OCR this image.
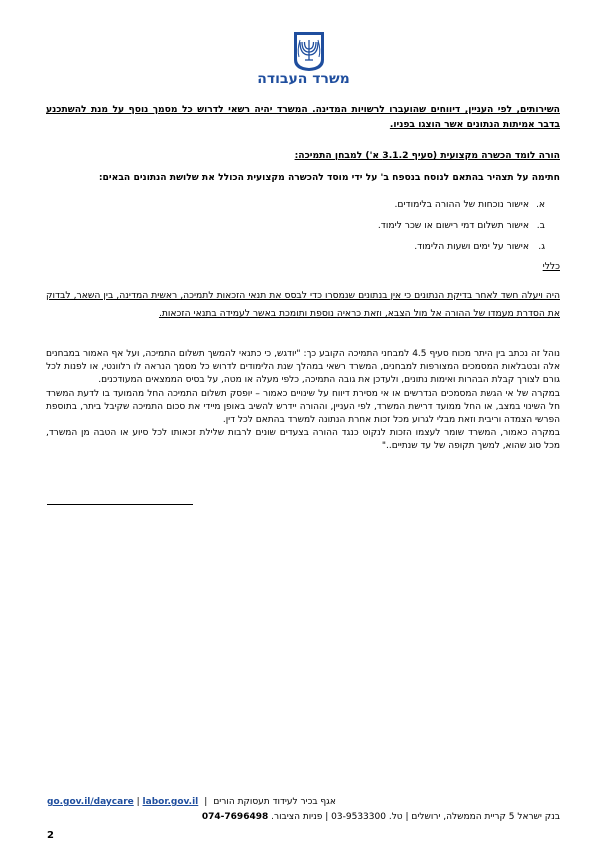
משרד העבודה
השירותים, לפי העניין, דיווחים שהועברו לרשויות המדינה. המשרד יהיה רשאי לדרוש כל מסמך נוסף על מנת להשתכנע בדבר אמיתות הנתונים אשר הוצגו בפניו.
הורה לומד הכשרה מקצועית (סעיף 3.1.2 א') למבחן התמיכה:
חתימה על תצהיר בהתאם לנוסח בנספח ב' על ידי מוסד להכשרה מקצועית הכולל את שלושת הנתונים הבאים:
א.
אישור נוכחות של ההורה בלימודים.
ב.
אישור תשלום דמי רישום או שכר לימוד.
ג.
אישור על ימים ושעות הלימוד.
כללי
היה ויעלה חשד לאחר בדיקת הנתונים כי אין בנתונים שנמסרו כדי לבסס את תנאי הזכאות לתמיכה, ראשית המדינה, בין השאר, לבדוק את הסדרת מעמדו של ההורה אל מול הצבא, וזאת כראיה נוספת ותומכת באשר לעמידה בתנאי הזכאות.
נוהל זה נכתב בין היתר מכוח סעיף 4.5 למבחני התמיכה הקובע כך: "יודגש, כי כתנאי להמשך תשלום התמיכה, ועל אף האמור במבחנים אלה ובטבלאות המסמכים המצורפות למבחנים, המשרד רשאי במהלך שנת הלימודים לדרוש כל מסמך הנראה לו רלוונטי, או לפנות לכל גורם לצורך קבלת הבהרות ואימות נתונים, ולעדכן את גובה התמיכה, כלפי מעלה או מטה, על בסיס הממצאים המעודכנים.
במקרה של אי הגשת המסמכים הנדרשים או אי מסירת דיווח על שינויים כאמור – יופסק תשלום התמיכה החל מהמועד בו לדעת המשרד חל השינוי במצב, או החל ממועד דרישת המשרד, לפי העניין, וההורה יידרש להשיב באופן מיידי את סכום התמיכה שקיבל ביתר, בתוספת הפרשי הצמדה וריבית וזאת מבלי לגרוע מכל זכות אחרת הנתונה למשרד בהתאם לכל דין.
במקרה כאמור, המשרד שומר לעצמו הזכות לנקוט כנגד ההורה בצעדים שונים לרבות שלילת זכאותו לכל סיוע או הטבה מן המשרד, מכל סוג שהוא, למשך תקופה של עד שנתיים.."
אגף בכיר לעידוד תעסוקת הורים
|
go.gov.il/daycare | labor.gov.il
בנק ישראל 5 קריית הממשלה, ירושלים | טל. 03-9533300 | פניות הציבור. 074-7696498
2
